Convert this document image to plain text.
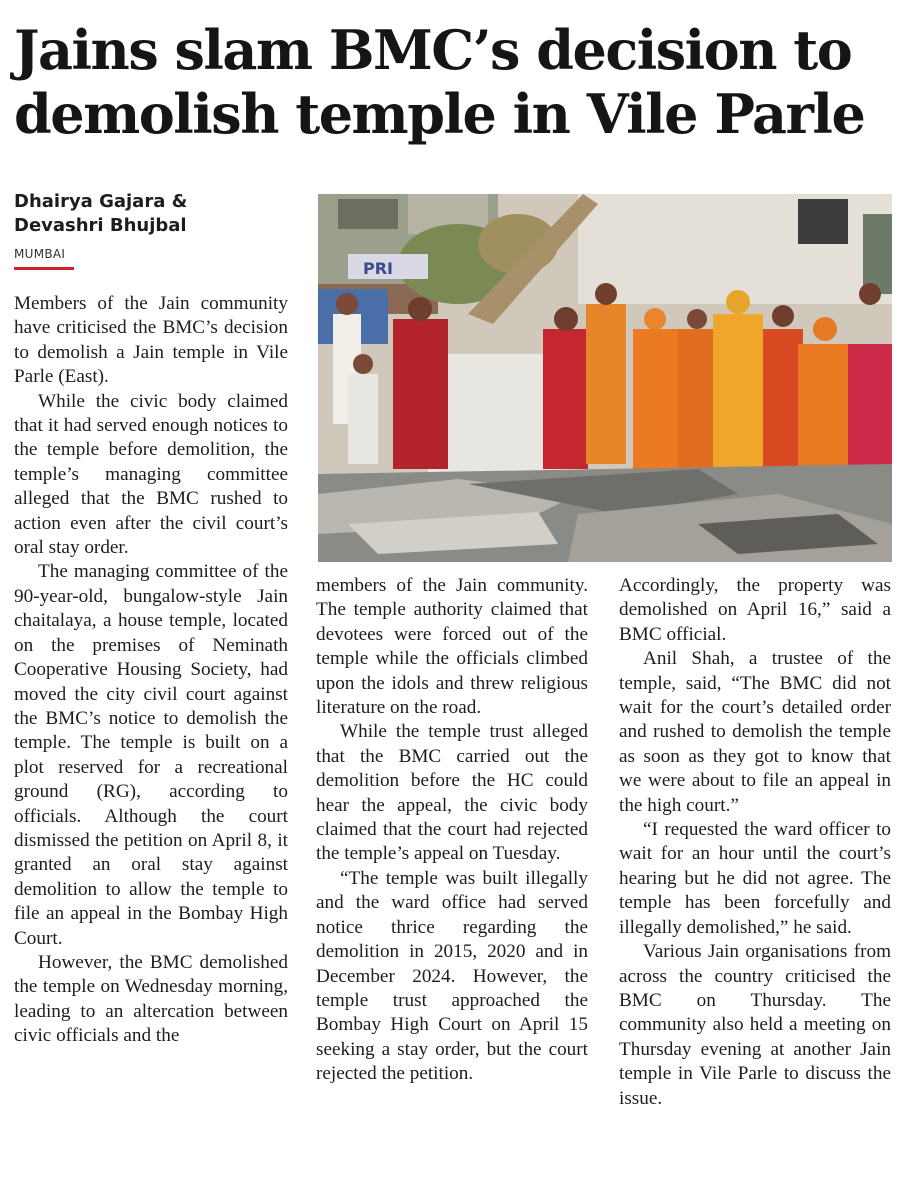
Jains slam BMC’s decision to
demolish temple in Vile Parle
Dhairya Gajara &
Devashri Bhujbal
MUMBAI
PRI

Members of the Jain community have criticised the BMC’s decision to demolish a Jain temple in Vile Parle (East).

While the civic body claimed that it had served enough notices to the temple before demolition, the temple’s managing committee alleged that the BMC rushed to action even after the civil court’s oral stay order.

The managing committee of the 90-year-old, bungalow-style Jain chaitalaya, a house temple, located on the premises of Neminath Cooperative Housing Society, had moved the city civil court against the BMC’s notice to demolish the temple. The temple is built on a plot reserved for a recreational ground (RG), according to officials. Although the court dismissed the petition on April 8, it granted an oral stay against demolition to allow the temple to file an appeal in the Bombay High Court.

However, the BMC demolished the temple on Wednesday morning, leading to an altercation between civic officials and the

members of the Jain community. The temple authority claimed that devotees were forced out of the temple while the officials climbed upon the idols and threw religious literature on the road.

While the temple trust alleged that the BMC carried out the demolition before the HC could hear the appeal, the civic body claimed that the court had rejected the temple’s appeal on Tuesday.

“The temple was built illegally and the ward office had served notice thrice regarding the demolition in 2015, 2020 and in December 2024. However, the temple trust approached the Bombay High Court on April 15 seeking a stay order, but the court rejected the petition.

Accordingly, the property was demolished on April 16,” said a BMC official.

Anil Shah, a trustee of the temple, said, “The BMC did not wait for the court’s detailed order and rushed to demolish the temple as soon as they got to know that we were about to file an appeal in the high court.”

“I requested the ward officer to wait for an hour until the court’s hearing but he did not agree. The temple has been forcefully and illegally demolished,” he said.

Various Jain organisations from across the country criticised the BMC on Thursday. The community also held a meeting on Thursday evening at another Jain temple in Vile Parle to discuss the issue.
